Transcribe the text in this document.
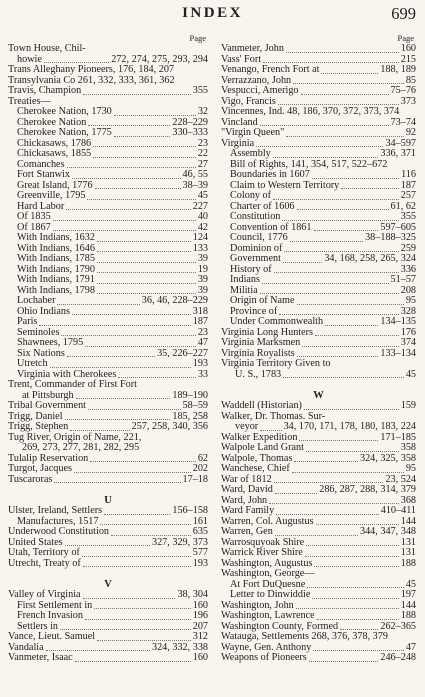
INDEX	699
Page
Town House, Chil-
howie	272, 274, 275, 293, 294
Trans Alleghany Pioneers, 176, 184, 207
Transylvania Co 261, 332, 333, 361, 362
Travis, Champion	355
Treaties—
Cherokee Nation, 1730	32
Cherokee Nation	228–229
Cherokee Nation, 1775	330–333
Chickasaws, 1786	23
Chickasaws, 1855	22
Comanches	27
Fort Stanwix	46, 55
Great Island, 1776	38–39
Greenville, 1795	45
Hard Labor	227
Of 1835	40
Of 1867	42
With Indians, 1632	124
With Indians, 1646	133
With Indians, 1785	39
With Indians, 1790	19
With Indians, 1791	39
With Indians, 1798	39
Lochaber	36, 46, 228–229
Ohio Indians	318
Paris	187
Seminoles	23
Shawnees, 1795	47
Six Nations	35, 226–227
Utretch	193
Virginia with Cherokees	33
Trent, Commander of First Fort
at Pittsburgh	189–190
Tribal Government	58–59
Trigg, Daniel	185, 258
Trigg, Stephen	257, 258, 340, 356
Tug River, Origin of Name, 221,
269, 273, 277, 281, 282, 295
Tulalip Reservation	62
Turgot, Jacques	202
Tuscaroras	17–18
U
Ulster, Ireland, Settlers	156–158
Manufactures, 1517	161
Underwood Constitution	635
United States	327, 329, 373
Utah, Territory of	577
Utrecht, Treaty of	193
V
Valley of Virginia	38, 304
First Settlement in	160
French Invasion	196
Settlers in	207
Vance, Lieut. Samuel	312
Vandalia	324, 332, 338
Vanmeter, Isaac	160
Page
Vanmeter, John	160
Vass' Fort	215
Venango, French Fort at	188, 189
Verrazzano, John	85
Vespucci, Amerigo	75–76
Vigo, Francis	373
Vincennes, Ind. 48, 186, 370, 372, 373, 374
Vincland	73–74
"Virgin Queen"	92
Virginia	34–597
Assembly	336, 371
Bill of Rights, 141, 354, 517, 522–672
Boundaries in 1607	116
Claim to Western Territory	187
Colony of	257
Charter of 1606	61, 62
Constitution	355
Convention of 1861	597–605
Council, 1776	38–188–325
Dominion of	259
Government	34, 168, 258, 265, 324
History of	336
Indians	51–57
Militia	208
Origin of Name	95
Province of	328
Under Commonwealth	134–135
Virginia Long Hunters	176
Virginia Marksmen	374
Virginia Royalists	133–134
Virginia Territory Given to
U. S., 1783	45
W
Waddell (Historian)	159
Walker, Dr. Thomas. Sur-
veyor 34, 170, 171, 178, 180, 183, 224
Walker Expedition	171–185
Walpole Land Grant	358
Walpole, Thomas	324, 325, 358
Wanchese, Chief	95
War of 1812	23, 524
Ward, David	286, 287, 288, 314, 379
Ward, John	368
Ward Family	410–411
Warren, Col. Augustus	144
Warren, Gen	344, 347, 348
Warrosquyoak Shire	131
Warrick River Shire	131
Washington, Augustus	188
Washington, George—
At Fort DuQuesne	45
Letter to Dinwiddie	197
Washington, John	144
Washington, Lawrence	188
Washington County, Formed	262–365
Watauga, Settlements 268, 376, 378, 379
Wayne, Gen. Anthony	47
Weapons of Pioneers	246–248
